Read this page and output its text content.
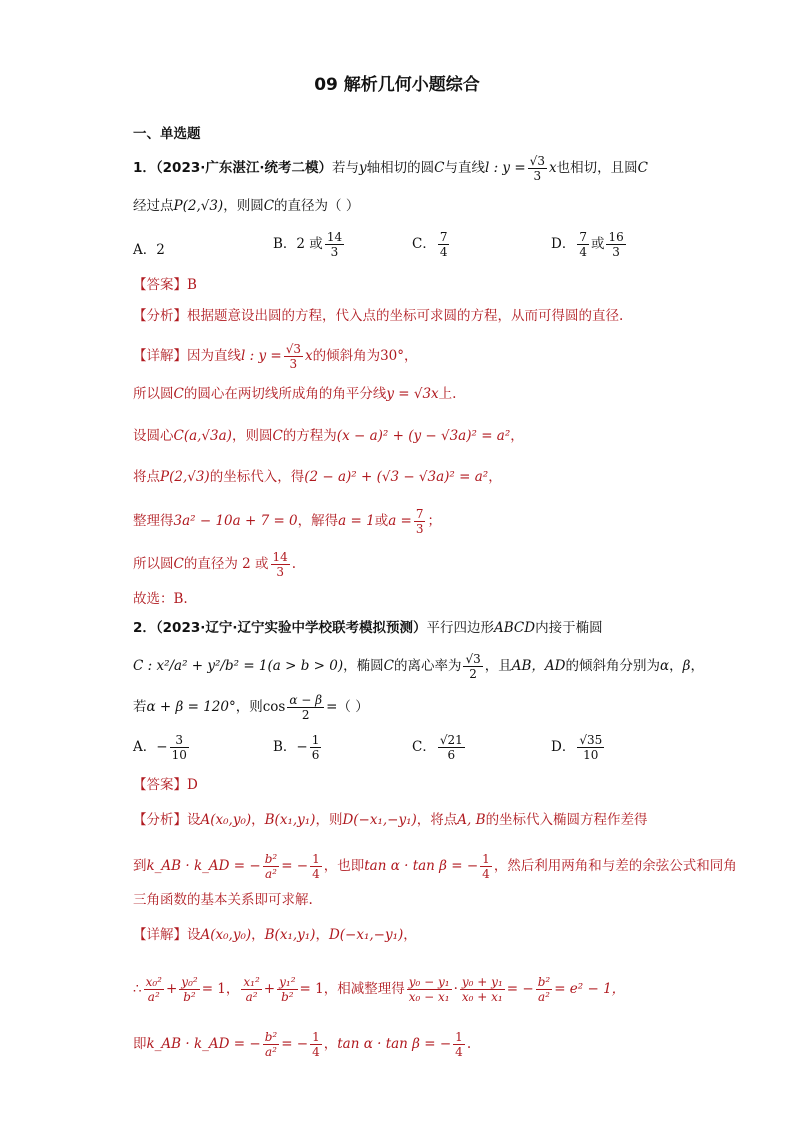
09 解析几何小题综合
一、单选题
1．（2023·广东湛江·统考二模）若与y轴相切的圆C与直线l : $y = \frac{√3}{3}$ x也相切，且圆C
经过点P(2,√3)，则圆C的直径为（ ）
A．2	B．2 或 $\frac{14}{3}$	C． $\frac{7}{4}$	D． $\frac{7}{4}$ 或 $\frac{16}{3}$
【答案】B
【分析】根据题意设出圆的方程，代入点的坐标可求圆的方程，从而可得圆的直径.
【详解】因为直线l : $y = \frac{√3}{3}$ x的倾斜角为30°，
所以圆C的圆心在两切线所成角的角平分线y = √3x上.
设圆心C(a,√3a)，则圆C的方程为(x − a)² + (y − √3a)² = a²，
将点P(2,√3)的坐标代入，得(2 − a)² + (√3 − √3a)² = a²，
整理得3a² − 10a + 7 = 0，解得a = 1或$a = \frac{7}{3}$ ；
所以圆C的直径为 2 或 $\frac{14}{3}$ .
故选：B.
2．（2023·辽宁·辽宁实验中学校联考模拟预测）平行四边形ABCD内接于椭圆
C : x²/a² + y²/b² = 1(a > b > 0)，椭圆C的离心率为 $\frac{√3}{2}$ ，且AB，AD的倾斜角分别为α，β，
若α + β = 120°，则$\cos \frac{\alpha - \beta}{2}$ =（ ）
A．− $\frac{3}{10}$	B．− $\frac{1}{6}$	C． $\frac{√21}{6}$	D． $\frac{√35}{10}$
【答案】D
【分析】设A(x₀,y₀)，B(x₁,y₁)，则D(−x₁,−y₁)，将点A, B的坐标代入椭圆方程作差得
到k_AB · k_AD = − $\frac{\text{b²}}{\text{a²}}$ = − $\frac{1}{4}$ ，也即tan α · tan β = − $\frac{1}{4}$ ，然后利用两角和与差的余弦公式和同角
三角函数的基本关系即可求解.
【详解】设A(x₀,y₀)，B(x₁,y₁)，D(−x₁,−y₁)，
∴ $\frac{\text{x₀²}}{\text{a²}} + \frac{\text{y₀²}}{\text{b²}} = 1$， $\frac{\text{x₁²}}{\text{a²}} + \frac{\text{y₁²}}{\text{b²}} = 1$，相减整理得 $\frac{\text{y₀ − y₁}}{\text{x₀ − x₁}} \cdot \frac{\text{y₀ + y₁}}{\text{x₀ + x₁}}$ = − $\frac{\text{b²}}{\text{a²}} = e^2 - 1$，
即k_AB · k_AD = − $\frac{\text{b²}}{\text{a²}}$ = − $\frac{1}{4}$ ，tan α · tan β = − $\frac{1}{4}$ .
